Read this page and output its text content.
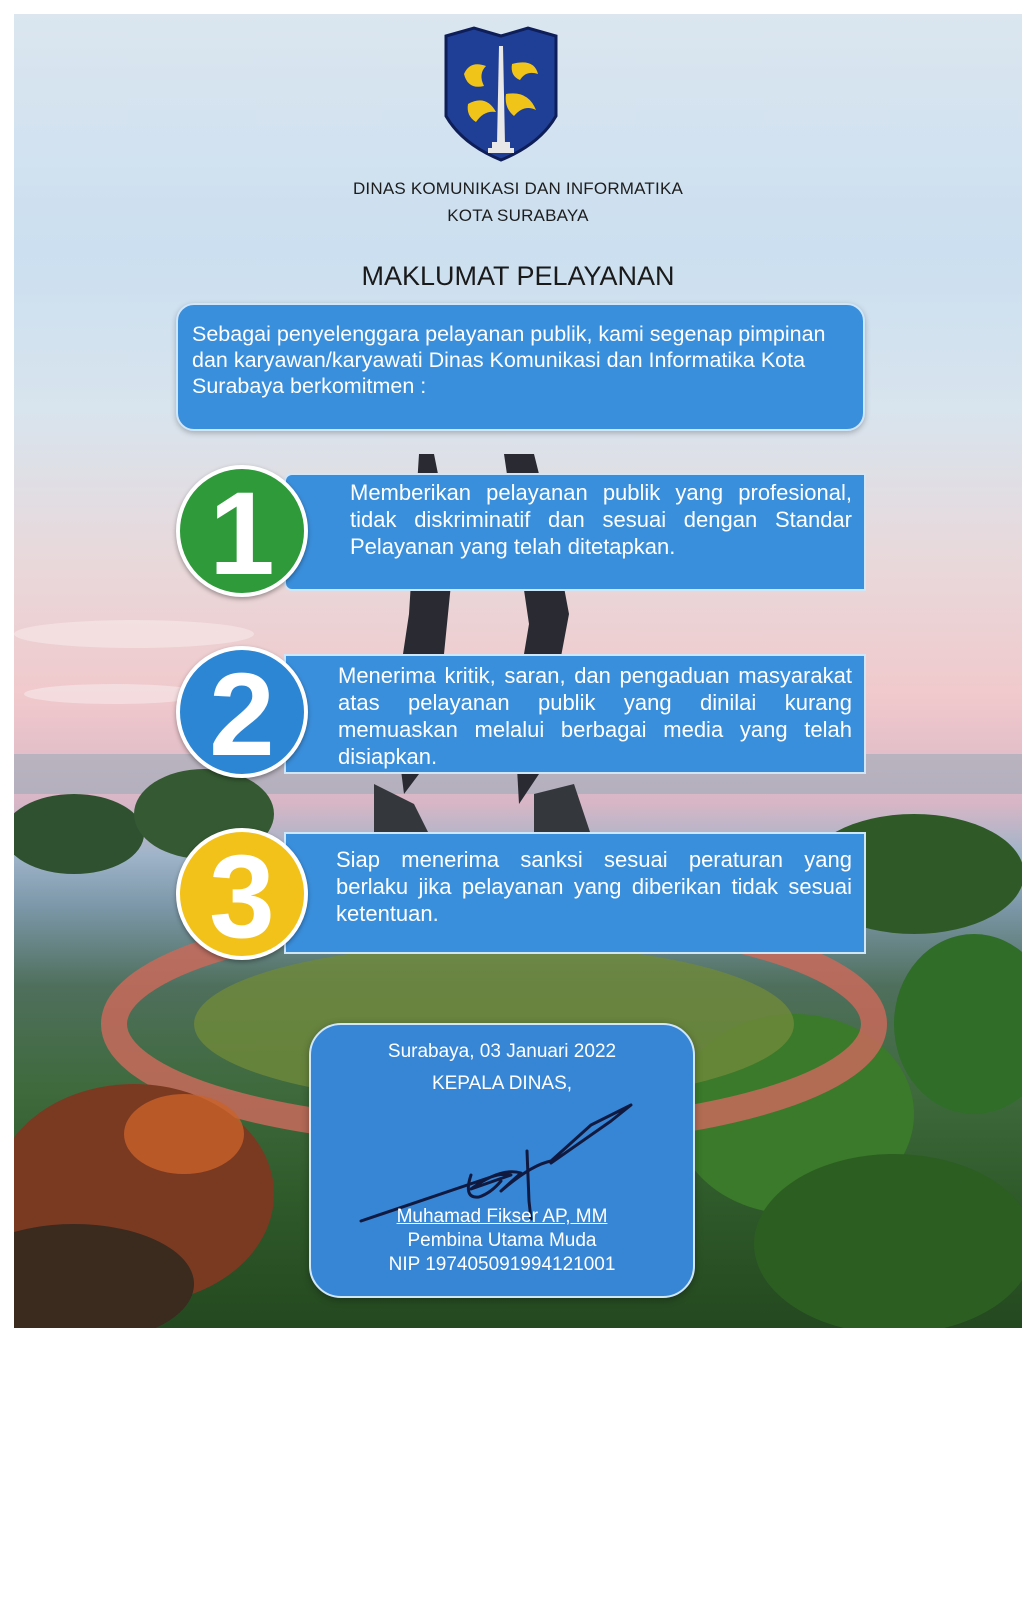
DINAS KOMUNIKASI DAN INFORMATIKA
KOTA SURABAYA
MAKLUMAT PELAYANAN
Sebagai penyelenggara pelayanan publik, kami segenap pimpinan dan karyawan/karyawati Dinas Komunikasi dan Informatika Kota Surabaya berkomitmen :
Memberikan pelayanan publik yang profesional, tidak diskriminatif dan sesuai dengan Standar Pelayanan yang telah ditetapkan.
1
Menerima kritik, saran, dan pengaduan masyarakat atas pelayanan publik yang dinilai kurang memuaskan melalui berbagai media yang telah disiapkan.
2
Siap menerima sanksi sesuai peraturan yang berlaku jika pelayanan yang diberikan tidak sesuai ketentuan.
3
Surabaya, 03 Januari 2022
KEPALA DINAS,
Muhamad Fikser AP, MM
Pembina Utama Muda
NIP 197405091994121001
